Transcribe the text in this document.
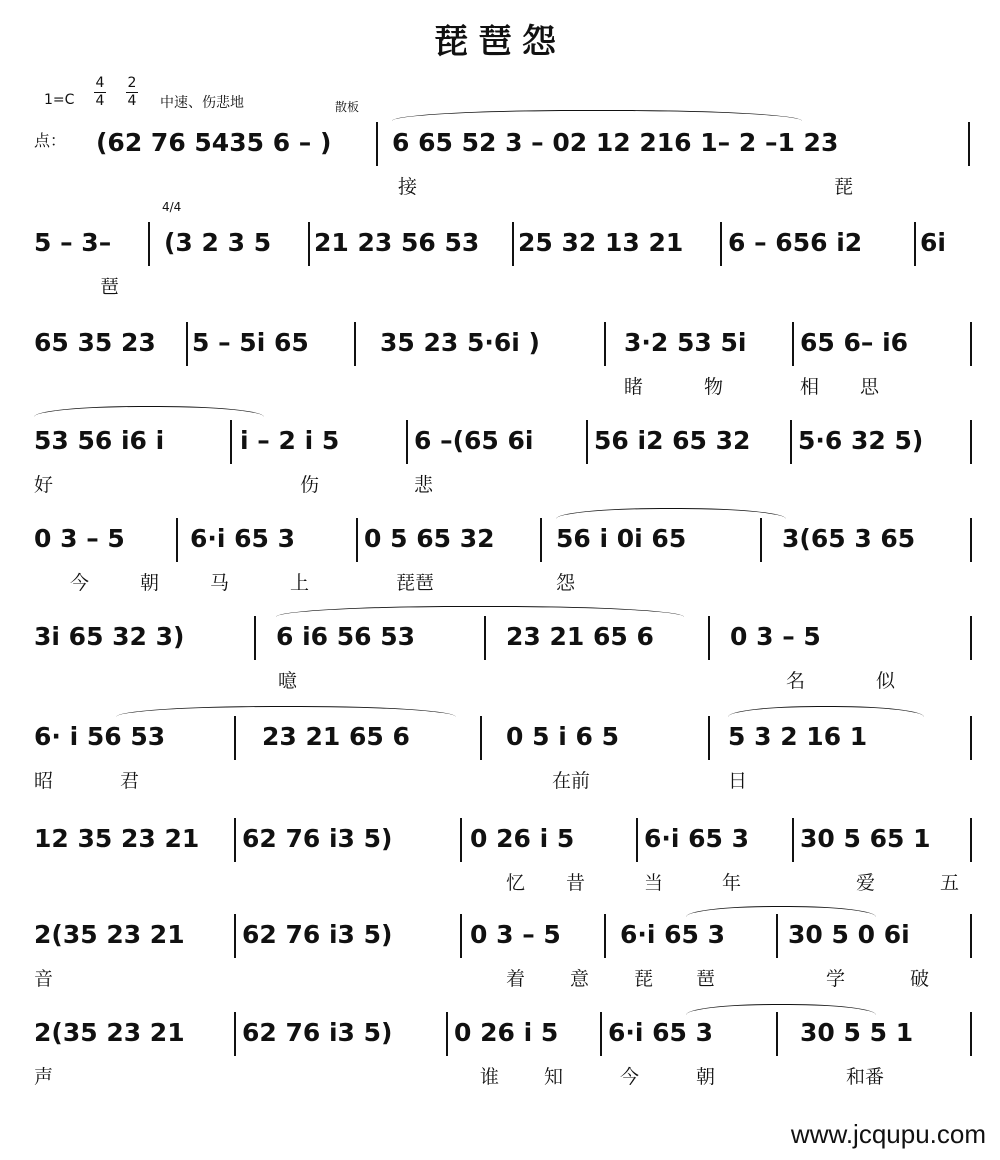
琵琶怨
1=C
4
4
2
4 中速、伤悲地	散板
点：
4/4
(62 76 5435 6 – ) 6 65 52 3 – 02 12 216 1– 2 –1 23
接	琵
5 – 3– (3 2 3 5 21 23 56 53 25 32 13 21 6 – 656 i2 6i
琶
65 35 23 5 – 5i 65	35 23 5·6i )	3·2 53 5i 65 6– i6
睹	物	相 思
53 56 i6 i	i – 2 i 5	6 –(65 6i 56 i2 65 32 5·6 32 5)
好	伤	悲
0 3 – 5	6·i 65 3	0 5 65 32 56 i 0i 65	3(65 3 65
今	朝	马	上	琵琶	怨
3i 65 32 3)	6 i6 56 53	23 21 65 6	0 3 – 5
噫	名	似
6· i 56 53	23 21 65 6	0 5 i 6 5	5 3 2 16 1
昭	君	在前	日
12 35 23 21 62 76 i3 5)	0 26 i 5	6·i 65 3 30 5 65 1
忆 昔	当	年	爱	五
2(35 23 21 62 76 i3 5)	0 3 – 5 6·i 65 3	30 5 0 6i
音	着 意 琵 琶	学	破
2(35 23 21 62 76 i3 5) 0 26 i 5 6·i 65 3	30 5 5 1
声	谁 知	今	朝	和番
www.jcqupu.com
